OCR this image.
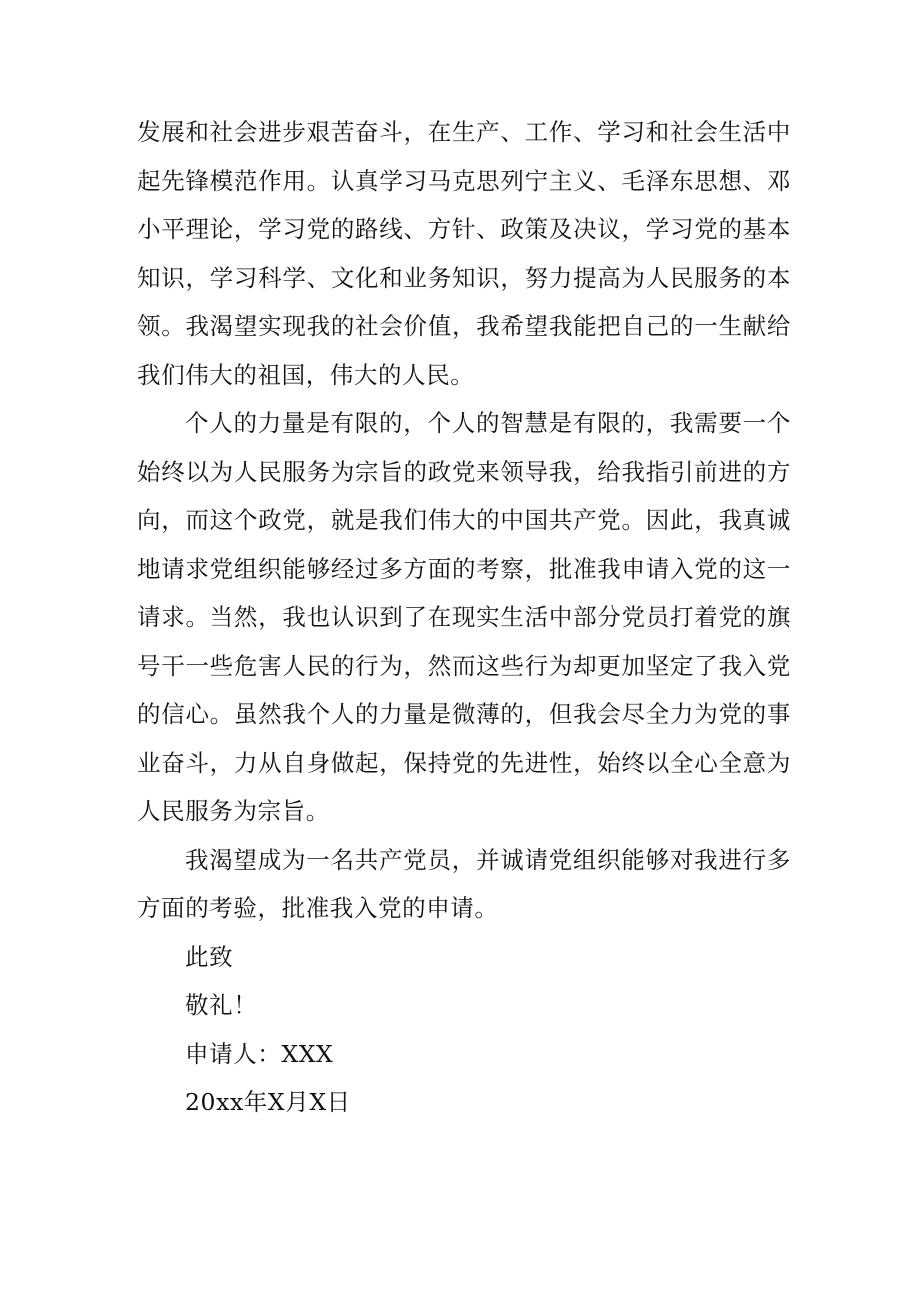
发展和社会进步艰苦奋斗，在生产、工作、学习和社会生活中起先锋模范作用。认真学习马克思列宁主义、毛泽东思想、邓小平理论，学习党的路线、方针、政策及决议，学习党的基本知识，学习科学、文化和业务知识，努力提高为人民服务的本领。我渴望实现我的社会价值，我希望我能把自己的一生献给我们伟大的祖国，伟大的人民。

个人的力量是有限的，个人的智慧是有限的，我需要一个始终以为人民服务为宗旨的政党来领导我，给我指引前进的方向，而这个政党，就是我们伟大的中国共产党。因此，我真诚地请求党组织能够经过多方面的考察，批准我申请入党的这一请求。当然，我也认识到了在现实生活中部分党员打着党的旗号干一些危害人民的行为，然而这些行为却更加坚定了我入党的信心。虽然我个人的力量是微薄的，但我会尽全力为党的事业奋斗，力从自身做起，保持党的先进性，始终以全心全意为人民服务为宗旨。

我渴望成为一名共产党员，并诚请党组织能够对我进行多方面的考验，批准我入党的申请。

此致

敬礼！

申请人：XXX

20xx年X月X日
